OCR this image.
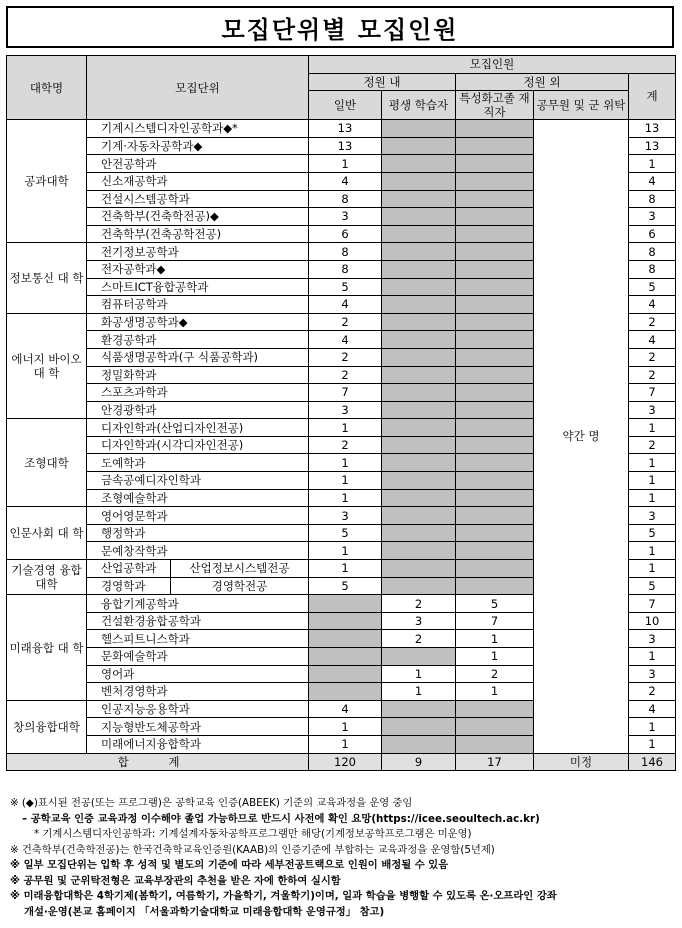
모집단위별 모집인원
대학명	모집단위		모집인원				
			정원 내		정원 외		계
			일반	평생 학습자	특성화고졸 재직자	공무원 및 군 위탁	
공과대학	기계시스템디자인공학과◆*		13			약간 명	13
	기계·자동차공학과◆		13				13
	안전공학과		1				1
	신소재공학과		4				4
	건설시스템공학과		8				8
	건축학부(건축학전공)◆		3				3
	건축학부(건축공학전공)		6				6
정보통신 대 학	전기정보공학과		8				8
	전자공학과◆		8				8
	스마트ICT융합공학과		5				5
	컴퓨터공학과		4				4
에너지 바이오 대 학	화공생명공학과◆		2				2
	환경공학과		4				4
	식품생명공학과(구 식품공학과)		2				2
	정밀화학과		2				2
	스포츠과학과		7				7
	안경광학과		3				3
조형대학	디자인학과(산업디자인전공)		1				1
	디자인학과(시각디자인전공)		2				2
	도예학과		1				1
	금속공예디자인학과		1				1
	조형예술학과		1				1
인문사회 대 학	영어영문학과		3				3
	행정학과		5				5
	문예창작학과		1				1
기술경영 융합대학	산업공학과	산업정보시스템전공	1				1
	경영학과	경영학전공	5				5
미래융합 대 학	융합기계공학과			2	5		7
	건설환경융합공학과			3	7		10
	헬스피트니스학과			2	1		3
	문화예술학과				1		1
	영어과			1	2		3
	벤처경영학과			1	1		2
창의융합대학	인공지능응용학과		4				4
	지능형반도체공학과		1				1
	미래에너지융합학과		1				1
합 계			120	9	17	미정	146
※ (◆)표시된 전공(또는 프로그램)은 공학교육 인증(ABEEK) 기준의 교육과정을 운영 중임
– 공학교육 인증 교육과정 이수해야 졸업 가능하므로 반드시 사전에 확인 요망(https://icee.seoultech.ac.kr)
* 기계시스템디자인공학과: 기계설계자동차공학프로그램만 해당(기계정보공학프로그램은 미운영)
※ 건축학부(건축학전공)는 한국건축학교육인증원(KAAB)의 인증기준에 부합하는 교육과정을 운영함(5년제)
※ 일부 모집단위는 입학 후 성적 및 별도의 기준에 따라 세부전공트랙으로 인원이 배정될 수 있음
※ 공무원 및 군위탁전형은 교육부장관의 추천을 받은 자에 한하여 실시함
※ 미래융합대학은 4학기제(봄학기, 여름학기, 가을학기, 겨울학기)이며, 일과 학습을 병행할 수 있도록 온·오프라인 강좌
개설·운영(본교 홈페이지 「서울과학기술대학교 미래융합대학 운영규정」 참고)
